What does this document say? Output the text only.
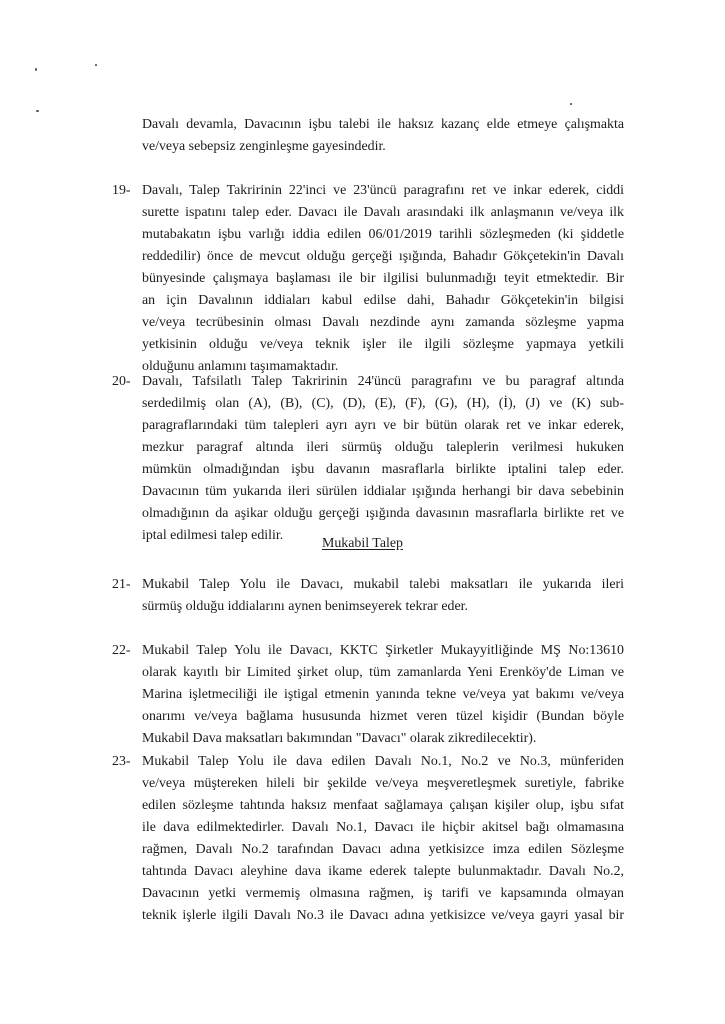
Davalı devamla, Davacının işbu talebi ile haksız kazanç elde etmeye çalışmakta
ve/veya sebepsiz zenginleşme gayesindedir.
19- Davalı, Talep Takririnin 22'inci ve 23'üncü paragrafını ret ve inkar ederek, ciddi
surette ispatını talep eder. Davacı ile Davalı arasındaki ilk anlaşmanın ve/veya ilk
mutabakatın işbu varlığı iddia edilen 06/01/2019 tarihli sözleşmeden (ki şiddetle
reddedilir) önce de mevcut olduğu gerçeği ışığında, Bahadır Gökçetekin'in Davalı
bünyesinde çalışmaya başlaması ile bir ilgilisi bulunmadığı teyit etmektedir. Bir
an için Davalının iddiaları kabul edilse dahi, Bahadır Gökçetekin'in bilgisi
ve/veya tecrübesinin olması Davalı nezdinde aynı zamanda sözleşme yapma
yetkisinin olduğu ve/veya teknik işler ile ilgili sözleşme yapmaya yetkili
olduğunu anlamını taşımamaktadır.
20- Davalı, Tafsilatlı Talep Takririnin 24'üncü paragrafını ve bu paragraf altında
serdedilmiş olan (A), (B), (C), (D), (E), (F), (G), (H), (İ), (J) ve (K) sub-
paragraflarındaki tüm talepleri ayrı ayrı ve bir bütün olarak ret ve inkar ederek,
mezkur paragraf altında ileri sürmüş olduğu taleplerin verilmesi hukuken
mümkün olmadığından işbu davanın masraflarla birlikte iptalini talep eder.
Davacının tüm yukarıda ileri sürülen iddialar ışığında herhangi bir dava sebebinin
olmadığının da aşikar olduğu gerçeği ışığında davasının masraflarla birlikte ret ve
iptal edilmesi talep edilir.
Mukabil Talep
21- Mukabil Talep Yolu ile Davacı, mukabil talebi maksatları ile yukarıda ileri
sürmüş olduğu iddialarını aynen benimseyerek tekrar eder.
22- Mukabil Talep Yolu ile Davacı, KKTC Şirketler Mukayyitliğinde MŞ No:13610
olarak kayıtlı bir Limited şirket olup, tüm zamanlarda Yeni Erenköy'de Liman ve
Marina işletmeciliği ile iştigal etmenin yanında tekne ve/veya yat bakımı ve/veya
onarımı ve/veya bağlama hususunda hizmet veren tüzel kişidir (Bundan böyle
Mukabil Dava maksatları bakımından "Davacı" olarak zikredilecektir).
23- Mukabil Talep Yolu ile dava edilen Davalı No.1, No.2 ve No.3, münferiden
ve/veya müştereken hileli bir şekilde ve/veya meşveretleşmek suretiyle, fabrike
edilen sözleşme tahtında haksız menfaat sağlamaya çalışan kişiler olup, işbu sıfat
ile dava edilmektedirler. Davalı No.1, Davacı ile hiçbir akitsel bağı olmamasına
rağmen, Davalı No.2 tarafından Davacı adına yetkisizce imza edilen Sözleşme
tahtında Davacı aleyhine dava ikame ederek talepte bulunmaktadır. Davalı No.2,
Davacının yetki vermemiş olmasına rağmen, iş tarifi ve kapsamında olmayan
teknik işlerle ilgili Davalı No.3 ile Davacı adına yetkisizce ve/veya gayri yasal bir
